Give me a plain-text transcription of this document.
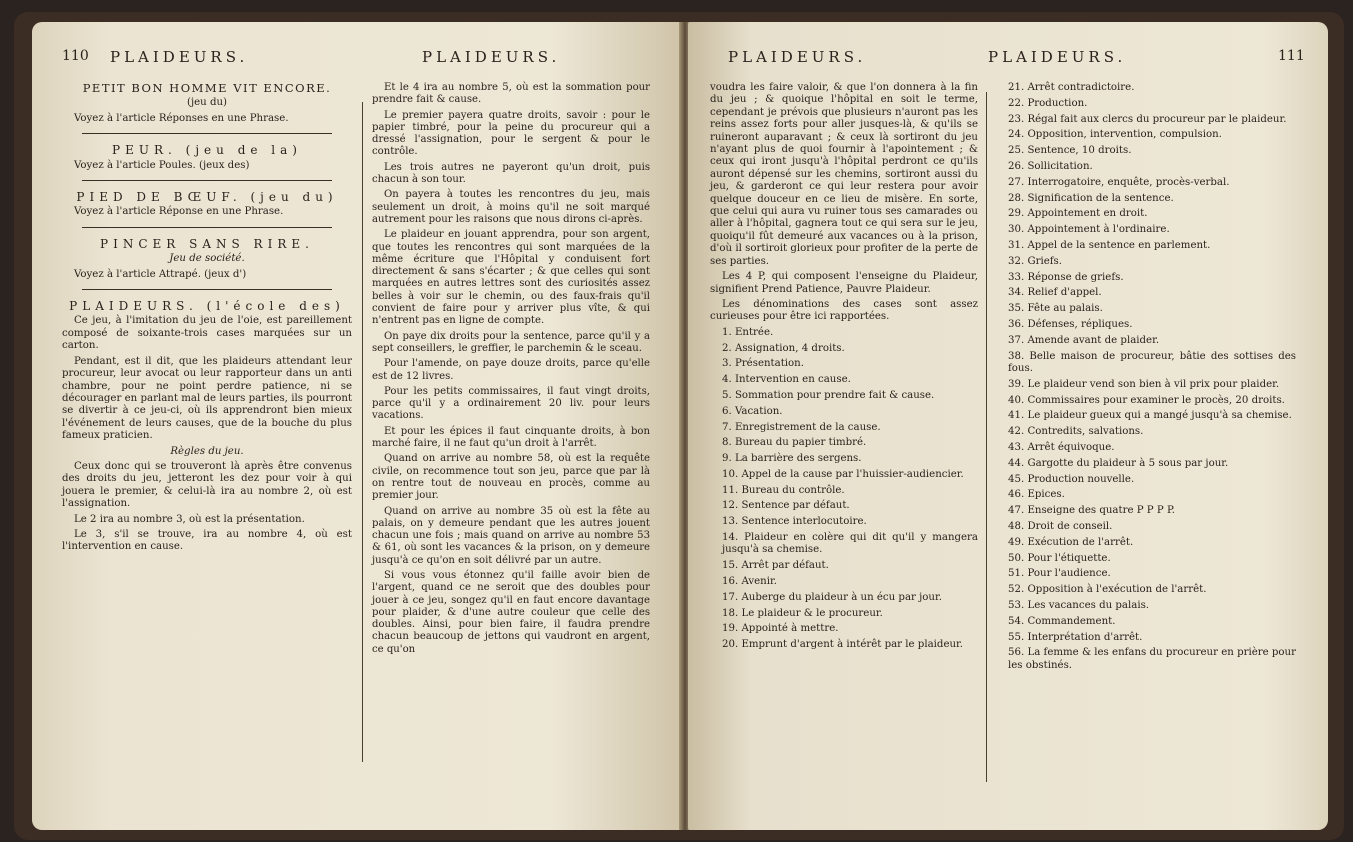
110 PLAIDEURS.	PLAIDEURS.

PETIT BON HOMME VIT ENCORE.

(jeu du)

Voyez à l'article Réponses en une Phrase.

PEUR. (jeu de la)

Voyez à l'article Poules. (jeux des)

PIED DE BŒUF. (jeu du)

Voyez à l'article Réponse en une Phrase.

PINCER SANS RIRE.

Jeu de société.

Voyez à l'article Attrapé. (jeux d')

PLAIDEURS. (l'école des)

Ce jeu, à l'imitation du jeu de l'oie, est pareillement composé de soixante-trois cases marquées sur un carton.

Pendant, est il dit, que les plaideurs attendant leur procureur, leur avocat ou leur rapporteur dans un anti chambre, pour ne point perdre patience, ni se décourager en parlant mal de leurs parties, ils pourront se divertir à ce jeu-ci, où ils apprendront bien mieux l'événement de leurs causes, que de la bouche du plus fameux praticien.

Règles du jeu.

Ceux donc qui se trouveront là après être convenus des droits du jeu, jetteront les dez pour voir à qui jouera le premier, & celui-là ira au nombre 2, où est l'assignation.

Le 2 ira au nombre 3, où est la présentation.

Le 3, s'il se trouve, ira au nombre 4, où est l'intervention en cause.

Et le 4 ira au nombre 5, où est la sommation pour prendre fait & cause.

Le premier payera quatre droits, savoir : pour le papier timbré, pour la peine du procureur qui a dressé l'assignation, pour le sergent & pour le contrôle.

Les trois autres ne payeront qu'un droit, puis chacun à son tour.

On payera à toutes les rencontres du jeu, mais seulement un droit, à moins qu'il ne soit marqué autrement pour les raisons que nous dirons ci-après.

Le plaideur en jouant apprendra, pour son argent, que toutes les rencontres qui sont marquées de la même écriture que l'Hôpital y conduisent fort directement & sans s'écarter ; & que celles qui sont marquées en autres lettres sont des curiosités assez belles à voir sur le chemin, ou des faux-frais qu'il convient de faire pour y arriver plus vîte, & qui n'entrent pas en ligne de compte.

On paye dix droits pour la sentence, parce qu'il y a sept conseillers, le greffier, le parchemin & le sceau.

Pour l'amende, on paye douze droits, parce qu'elle est de 12 livres.

Pour les petits commissaires, il faut vingt droits, parce qu'il y a ordinairement 20 liv. pour leurs vacations.

Et pour les épices il faut cinquante droits, à bon marché faire, il ne faut qu'un droit à l'arrêt.

Quand on arrive au nombre 58, où est la requête civile, on recommence tout son jeu, parce que par là on rentre tout de nouveau en procès, comme au premier jour.

Quand on arrive au nombre 35 où est la fête au palais, on y demeure pendant que les autres jouent chacun une fois ; mais quand on arrive au nombre 53 & 61, où sont les vacances & la prison, on y demeure jusqu'à ce qu'on en soit délivré par un autre.

Si vous vous étonnez qu'il faille avoir bien de l'argent, quand ce ne seroit que des doubles pour jouer à ce jeu, songez qu'il en faut encore davantage pour plaider, & d'une autre couleur que celle des doubles. Ainsi, pour bien faire, il faudra prendre chacun beaucoup de jettons qui vaudront en argent, ce qu'on

PLAIDEURS.	PLAIDEURS.	111

voudra les faire valoir, & que l'on donnera à la fin du jeu ; & quoique l'hôpital en soit le terme, cependant je prévois que plusieurs n'auront pas les reins assez forts pour aller jusques-là, & qu'ils se ruineront auparavant ; & ceux là sortiront du jeu n'ayant plus de quoi fournir à l'apointement ; & ceux qui iront jusqu'à l'hôpital perdront ce qu'ils auront dépensé sur les chemins, sortiront aussi du jeu, & garderont ce qui leur restera pour avoir quelque douceur en ce lieu de misère. En sorte, que celui qui aura vu ruiner tous ses camarades ou aller à l'hôpital, gagnera tout ce qui sera sur le jeu, quoiqu'il fût demeuré aux vacances ou à la prison, d'où il sortiroit glorieux pour profiter de la perte de ses parties.

Les 4 P, qui composent l'enseigne du Plaideur, signifient Prend Patience, Pauvre Plaideur.

Les dénominations des cases sont assez curieuses pour être ici rapportées.

1. Entrée.

2. Assignation, 4 droits.

3. Présentation.

4. Intervention en cause.

5. Sommation pour prendre fait & cause.

6. Vacation.

7. Enregistrement de la cause.

8. Bureau du papier timbré.

9. La barrière des sergens.

10. Appel de la cause par l'huissier-audiencier.

11. Bureau du contrôle.

12. Sentence par défaut.

13. Sentence interlocutoire.

14. Plaideur en colère qui dit qu'il y mangera jusqu'à sa chemise.

15. Arrêt par défaut.

16. Avenir.

17. Auberge du plaideur à un écu par jour.

18. Le plaideur & le procureur.

19. Appointé à mettre.

20. Emprunt d'argent à intérêt par le plaideur.

21. Arrêt contradictoire.

22. Production.

23. Régal fait aux clercs du procureur par le plaideur.

24. Opposition, intervention, compulsion.

25. Sentence, 10 droits.

26. Sollicitation.

27. Interrogatoire, enquête, procès-verbal.

28. Signification de la sentence.

29. Appointement en droit.

30. Appointement à l'ordinaire.

31. Appel de la sentence en parlement.

32. Griefs.

33. Réponse de griefs.

34. Relief d'appel.

35. Fête au palais.

36. Défenses, répliques.

37. Amende avant de plaider.

38. Belle maison de procureur, bâtie des sottises des fous.

39. Le plaideur vend son bien à vil prix pour plaider.

40. Commissaires pour examiner le procès, 20 droits.

41. Le plaideur gueux qui a mangé jusqu'à sa chemise.

42. Contredits, salvations.

43. Arrêt équivoque.

44. Gargotte du plaideur à 5 sous par jour.

45. Production nouvelle.

46. Epices.

47. Enseigne des quatre P P P P.

48. Droit de conseil.

49. Exécution de l'arrêt.

50. Pour l'étiquette.

51. Pour l'audience.

52. Opposition à l'exécution de l'arrêt.

53. Les vacances du palais.

54. Commandement.

55. Interprétation d'arrêt.

56. La femme & les enfans du procureur en prière pour les obstinés.
